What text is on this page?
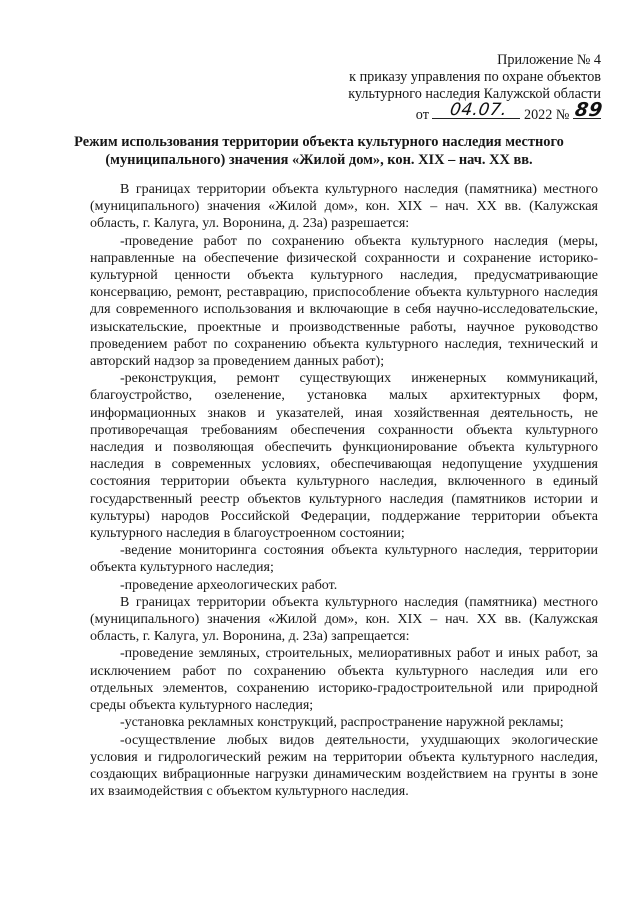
Приложение № 4
к приказу управления по охране объектов
культурного наследия Калужской области
от 04.07. 2022 № 89
Режим использования территории объекта культурного наследия местного (муниципального) значения «Жилой дом», кон. XIX – нач. XX вв.

В границах территории объекта культурного наследия (памятника) местного (муниципального) значения «Жилой дом», кон. XIX – нач. XX вв. (Калужская область, г. Калуга, ул. Воронина, д. 23а) разрешается:

-проведение работ по сохранению объекта культурного наследия (меры, направленные на обеспечение физической сохранности и сохранение историко-культурной ценности объекта культурного наследия, предусматривающие консервацию, ремонт, реставрацию, приспособление объекта культурного наследия для современного использования и включающие в себя научно-исследовательские, изыскательские, проектные и производственные работы, научное руководство проведением работ по сохранению объекта культурного наследия, технический и авторский надзор за проведением данных работ);

-реконструкция, ремонт существующих инженерных коммуникаций, благоустройство, озеленение, установка малых архитектурных форм, информационных знаков и указателей, иная хозяйственная деятельность, не противоречащая требованиям обеспечения сохранности объекта культурного наследия и позволяющая обеспечить функционирование объекта культурного наследия в современных условиях, обеспечивающая недопущение ухудшения состояния территории объекта культурного наследия, включенного в единый государственный реестр объектов культурного наследия (памятников истории и культуры) народов Российской Федерации, поддержание территории объекта культурного наследия в благоустроенном состоянии;

-ведение мониторинга состояния объекта культурного наследия, территории объекта культурного наследия;

-проведение археологических работ.

В границах территории объекта культурного наследия (памятника) местного (муниципального) значения «Жилой дом», кон. XIX – нач. XX вв. (Калужская область, г. Калуга, ул. Воронина, д. 23а) запрещается:

-проведение земляных, строительных, мелиоративных работ и иных работ, за исключением работ по сохранению объекта культурного наследия или его отдельных элементов, сохранению историко-градостроительной или природной среды объекта культурного наследия;

-установка рекламных конструкций, распространение наружной рекламы;

-осуществление любых видов деятельности, ухудшающих экологические условия и гидрологический режим на территории объекта культурного наследия, создающих вибрационные нагрузки динамическим воздействием на грунты в зоне их взаимодействия с объектом культурного наследия.
